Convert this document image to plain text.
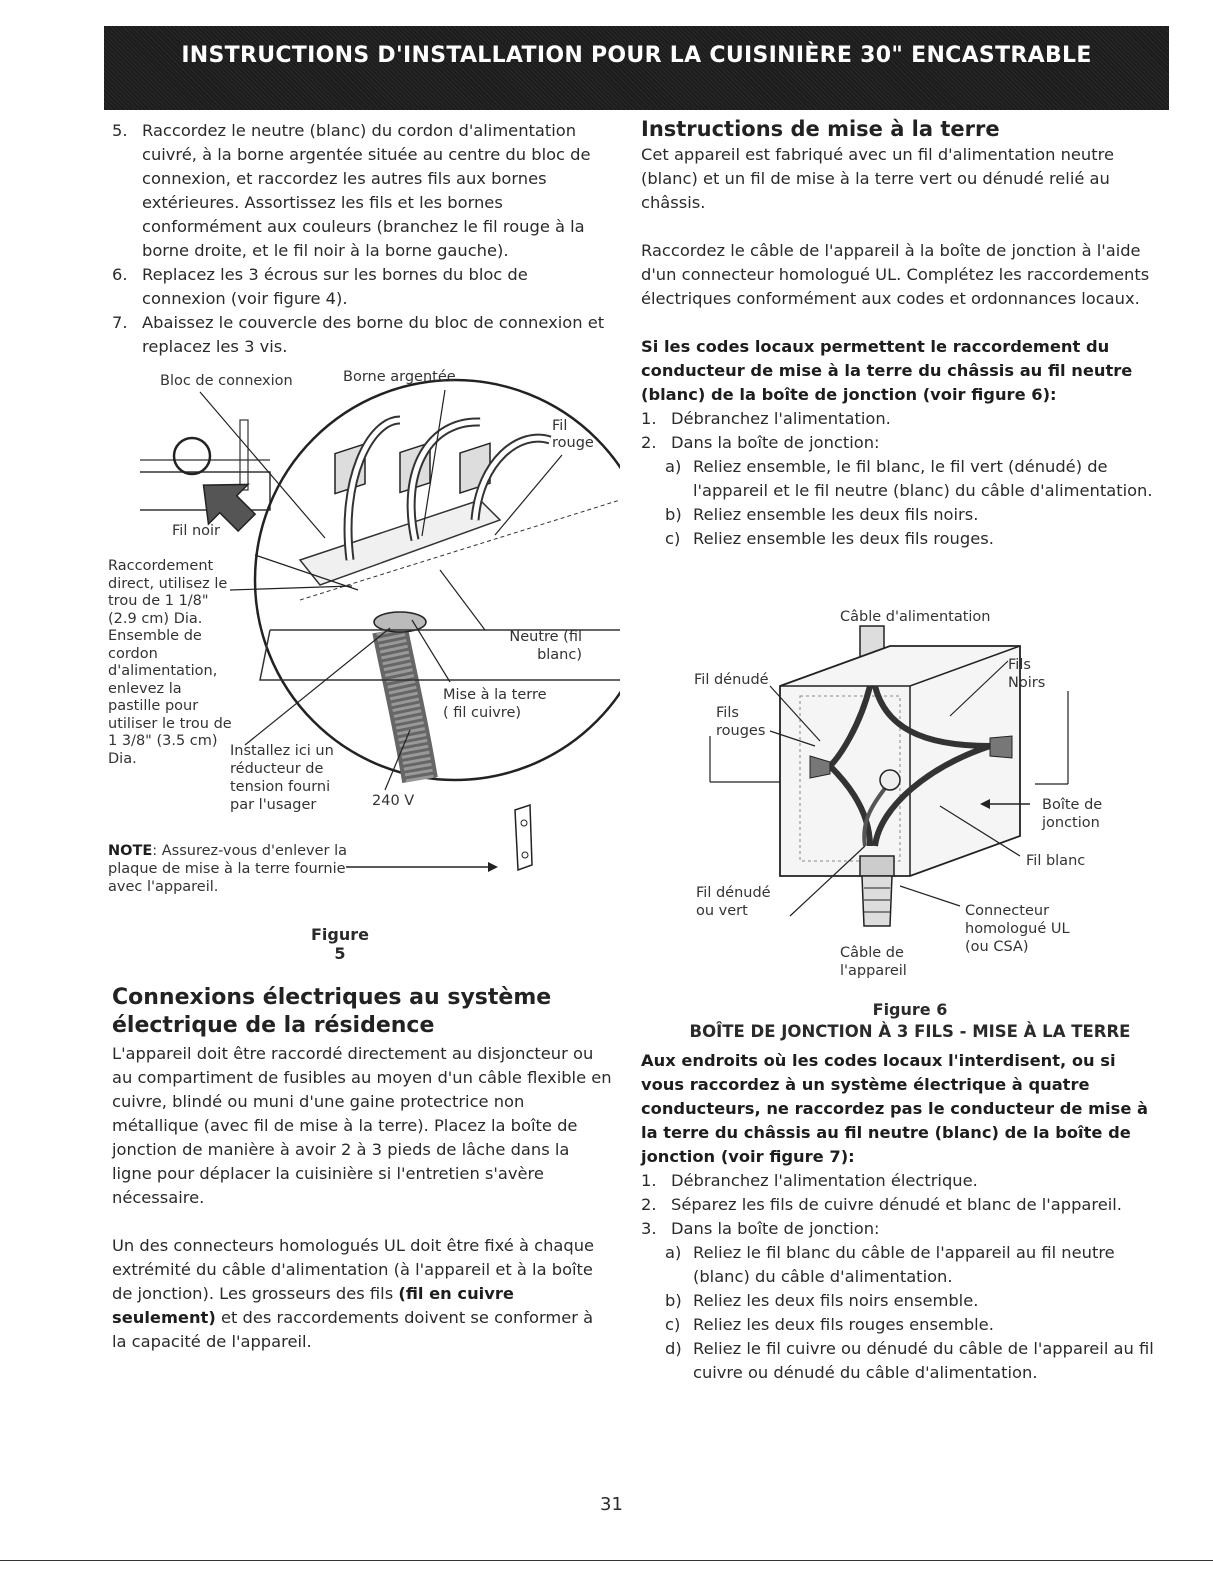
INSTRUCTIONS D'INSTALLATION POUR LA CUISINIÈRE 30" ENCASTRABLE
5. Raccordez le neutre (blanc) du cordon d'alimentation cuivré, à la borne argentée située au centre du bloc de connexion, et raccordez les autres fils aux bornes extérieures. Assortissez les fils et les bornes conformément aux couleurs (branchez le fil rouge à la borne droite, et le fil noir à la borne gauche).
6. Replacez les 3 écrous sur les bornes du bloc de connexion (voir figure 4).
7. Abaissez le couvercle des borne du bloc de connexion et replacez les 3 vis.
Bloc de connexion	Borne argentée
Fil rouge
Fil noir
Raccordement direct, utilisez le trou de 1 1/8" (2.9 cm) Dia. Ensemble de cordon d'alimentation, enlevez la pastille pour utiliser le trou de 1 3/8" (3.5 cm) Dia.
Neutre (fil blanc)
Mise à la terre ( fil cuivre)
Installez ici un réducteur de tension fourni par l'usager	240 V
NOTE: Assurez-vous d'enlever la plaque de mise à la terre fournie avec l'appareil.
Figure 5
Connexions électriques au système électrique de la résidence

L'appareil doit être raccordé directement au disjoncteur ou au compartiment de fusibles au moyen d'un câble flexible en cuivre, blindé ou muni d'une gaine protectrice non métallique (avec fil de mise à la terre). Placez la boîte de jonction de manière à avoir 2 à 3 pieds de lâche dans la ligne pour déplacer la cuisinière si l'entretien s'avère nécessaire.

Un des connecteurs homologués UL doit être fixé à chaque extrémité du câble d'alimentation (à l'appareil et à la boîte de jonction). Les grosseurs des fils (fil en cuivre seulement) et des raccordements doivent se conformer à la capacité de l'appareil.

Instructions de mise à la terre

Cet appareil est fabriqué avec un fil d'alimentation neutre (blanc) et un fil de mise à la terre vert ou dénudé relié au châssis.

Raccordez le câble de l'appareil à la boîte de jonction à l'aide d'un connecteur homologué UL. Complétez les raccordements électriques conformément aux codes et ordonnances locaux.

Si les codes locaux permettent le raccordement du conducteur de mise à la terre du châssis au fil neutre (blanc) de la boîte de jonction (voir figure 6):

1. Débranchez l'alimentation.
2. Dans la boîte de jonction:
a) Reliez ensemble, le fil blanc, le fil vert (dénudé) de l'appareil et le fil neutre (blanc) du câble d'alimentation.
b) Reliez ensemble les deux fils noirs.
c) Reliez ensemble les deux fils rouges.
Câble d'alimentation
Fil dénudé
Fils Noirs
Fils rouges
Boîte de jonction
Fil blanc
Fil dénudé ou vert	Connecteur homologué UL (ou CSA)
Câble de l'appareil
Figure 6
BOÎTE DE JONCTION À 3 FILS - MISE À LA TERRE

Aux endroits où les codes locaux l'interdisent, ou si vous raccordez à un système électrique à quatre conducteurs, ne raccordez pas le conducteur de mise à la terre du châssis au fil neutre (blanc) de la boîte de jonction (voir figure 7):

1. Débranchez l'alimentation électrique.
2. Séparez les fils de cuivre dénudé et blanc de l'appareil.
3. Dans la boîte de jonction:
a) Reliez le fil blanc du câble de l'appareil au fil neutre (blanc) du câble d'alimentation.
b) Reliez les deux fils noirs ensemble.
c) Reliez les deux fils rouges ensemble.
d) Reliez le fil cuivre ou dénudé du câble de l'appareil au fil cuivre ou dénudé du câble d'alimentation.
31
